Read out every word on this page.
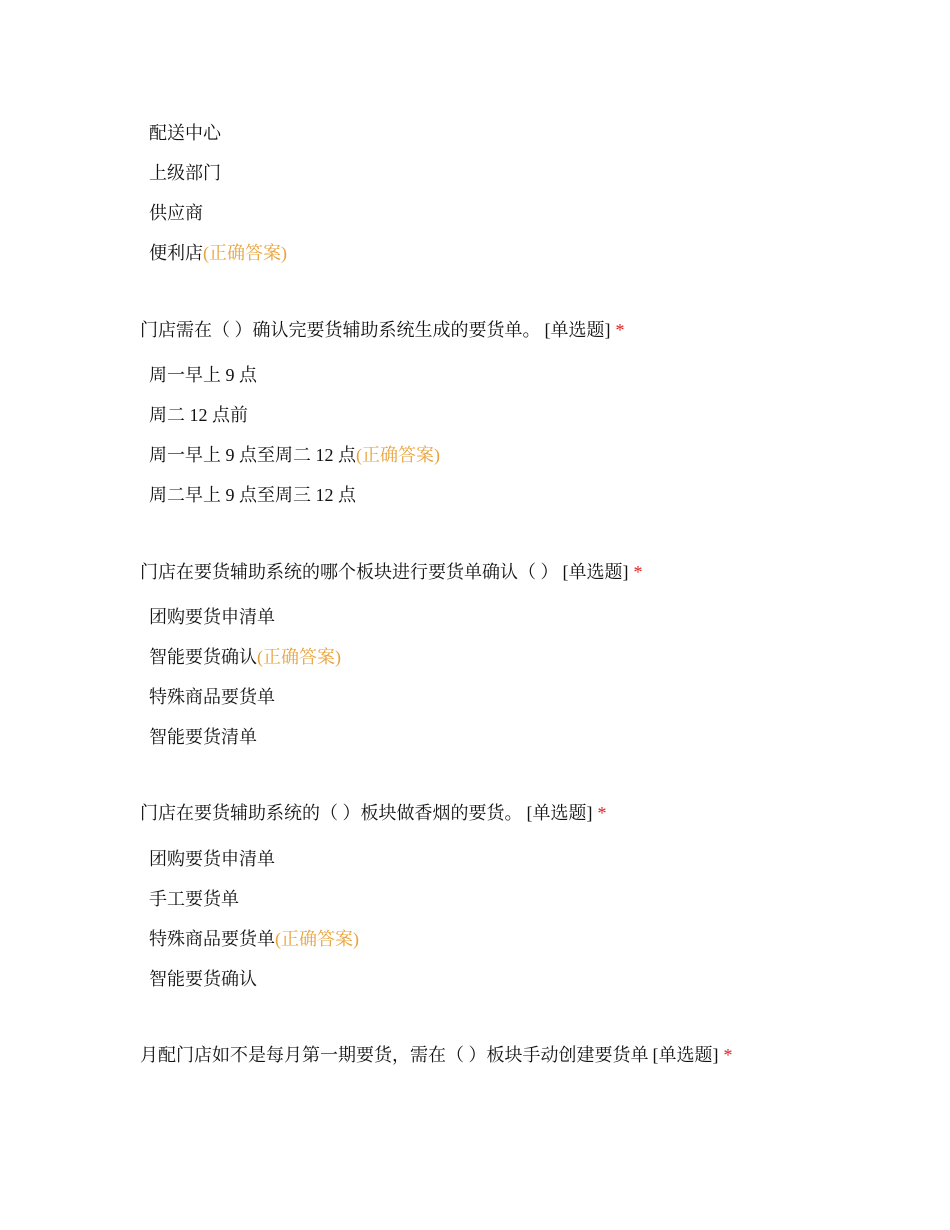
配送中心
上级部门
供应商
便利店(正确答案)
门店需在（ ）确认完要货辅助系统生成的要货单。 [单选题] *
周一早上 9 点
周二 12 点前
周一早上 9 点至周二 12 点(正确答案)
周二早上 9 点至周三 12 点
门店在要货辅助系统的哪个板块进行要货单确认（ ） [单选题] *
团购要货申清单
智能要货确认(正确答案)
特殊商品要货单
智能要货清单
门店在要货辅助系统的（ ）板块做香烟的要货。 [单选题] *
团购要货申清单
手工要货单
特殊商品要货单(正确答案)
智能要货确认
月配门店如不是每月第一期要货，需在（ ）板块手动创建要货单 [单选题] *
